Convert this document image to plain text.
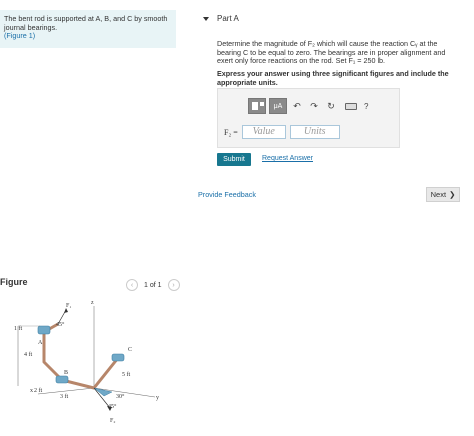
The bent rod is supported at A, B, and C by smooth journal bearings.
(Figure 1)
Part A
Determine the magnitude of F₂ which will cause the reaction Cᵧ at the bearing C to be equal to zero. The bearings are in proper alignment and exert only force reactions on the rod. Set F₁ = 250 lb.
Express your answer using three significant figures and include the appropriate units.
μA	↶	↷	↻	?
F₂ =	Value	Units
Submit	Request Answer
Provide Feedback	Next ❯
Figure	‹	1 of 1	›
F₁
F₂
A
B
C
x
y
z
1 ft
4 ft
2 ft
3 ft
5 ft
45°
30°
45°
